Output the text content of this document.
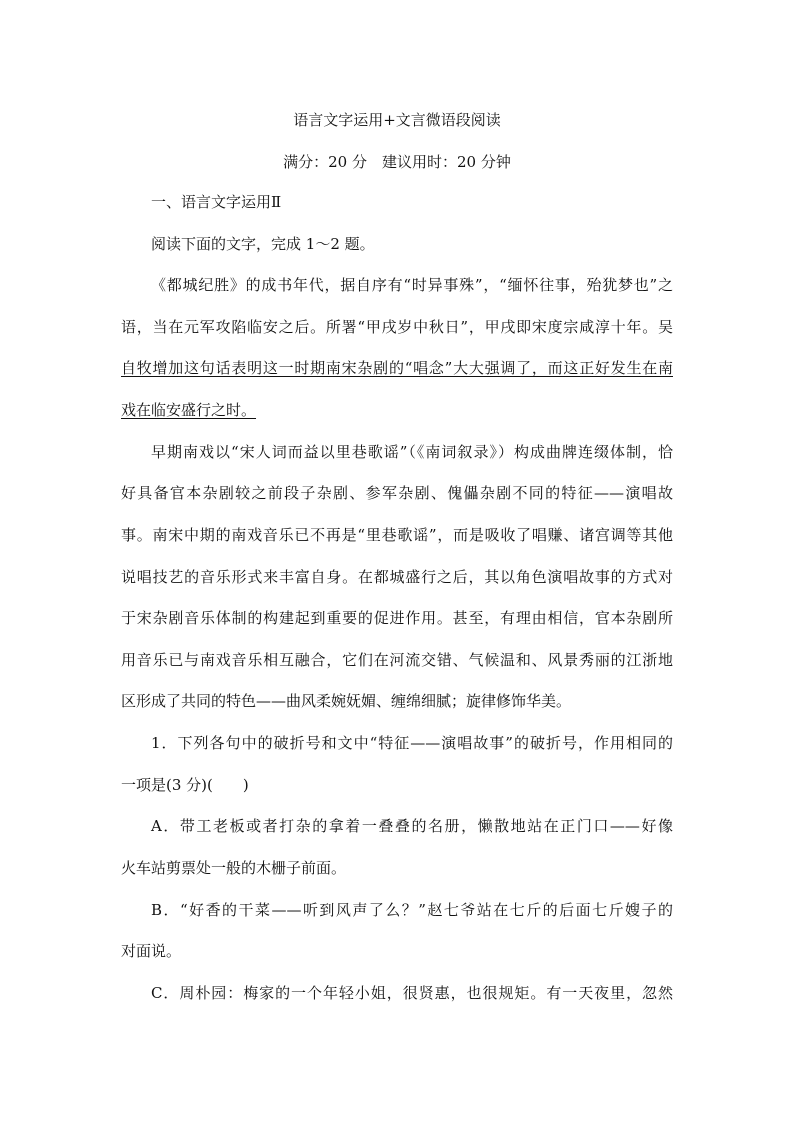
语言文字运用+文言微语段阅读
满分：20 分　建议用时：20 分钟
一、语言文字运用Ⅱ
阅读下面的文字，完成 1～2 题。
《都城纪胜》的成书年代，据自序有“时异事殊”，“缅怀往事，殆犹梦也”之
语，当在元军攻陷临安之后。所署“甲戌岁中秋日”，甲戌即宋度宗咸淳十年。吴
自牧增加这句话表明这一时期南宋杂剧的“唱念”大大强调了，而这正好发生在南
戏在临安盛行之时。
早期南戏以“宋人词而益以里巷歌谣”（《南词叙录》）构成曲牌连缀体制，恰
好具备官本杂剧较之前段子杂剧、参军杂剧、傀儡杂剧不同的特征——演唱故
事。南宋中期的南戏音乐已不再是“里巷歌谣”，而是吸收了唱赚、诸宫调等其他
说唱技艺的音乐形式来丰富自身。在都城盛行之后，其以角色演唱故事的方式对
于宋杂剧音乐体制的构建起到重要的促进作用。甚至，有理由相信，官本杂剧所
用音乐已与南戏音乐相互融合，它们在河流交错、气候温和、风景秀丽的江浙地
区形成了共同的特色——曲风柔婉妩媚、缠绵细腻；旋律修饰华美。
1．下列各句中的破折号和文中“特征——演唱故事”的破折号，作用相同的
一项是(3 分)(　　)
A．带工老板或者打杂的拿着一叠叠的名册，懒散地站在正门口——好像
火车站剪票处一般的木栅子前面。
B．“好香的干菜——听到风声了么？”赵七爷站在七斤的后面七斤嫂子的
对面说。
C．周朴园：梅家的一个年轻小姐，很贤惠，也很规矩。有一天夜里，忽然
